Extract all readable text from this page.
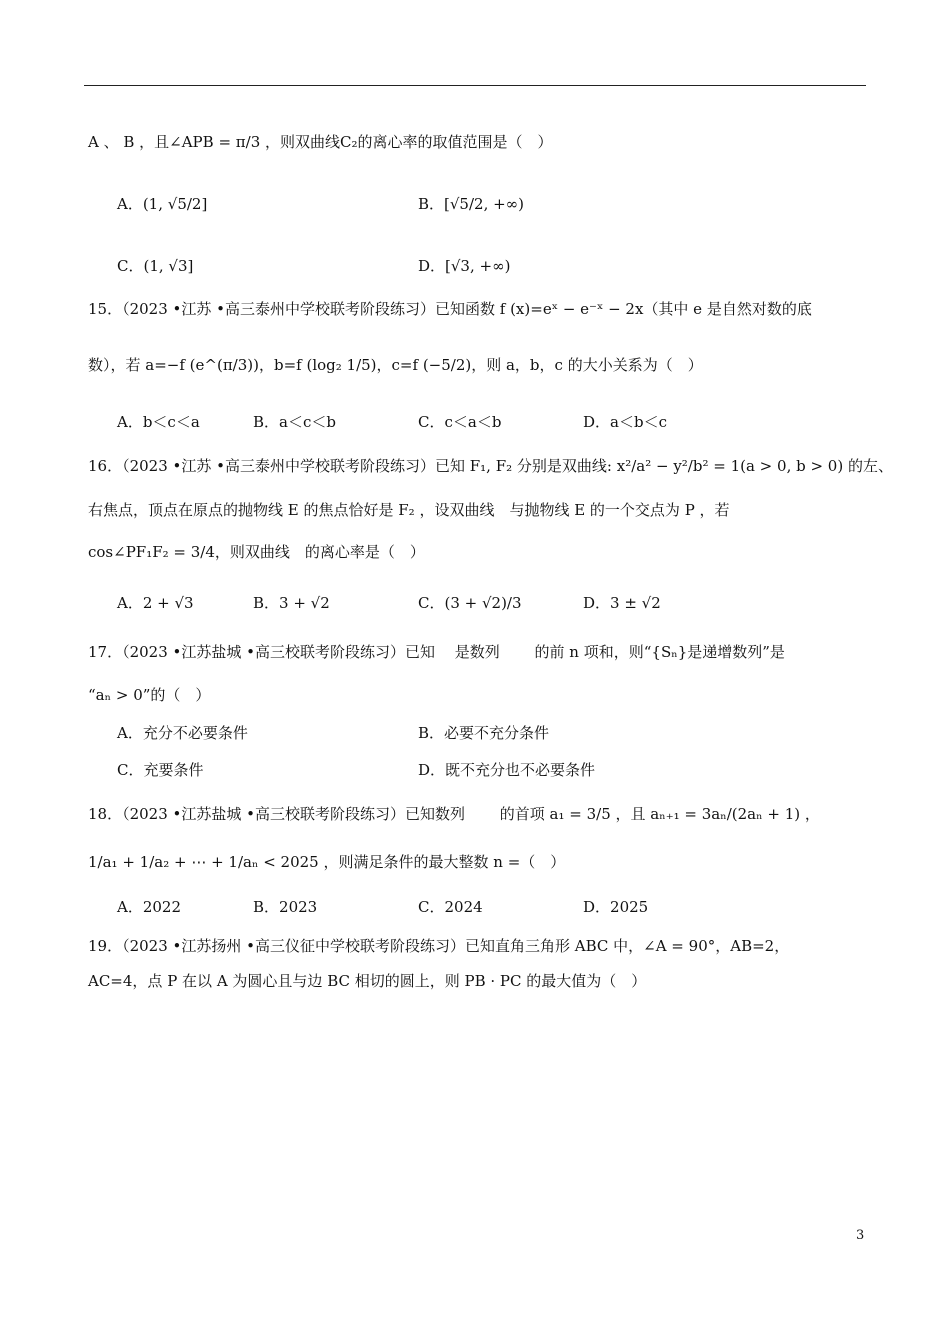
A 、 B ，且∠APB = π/3 ，则双曲线C₂的离心率的取值范围是（　）
A．(1, √5/2]	B．[√5/2, +∞)
C．(1, √3]	D．[√3, +∞)
15．（2023 •江苏 •高三泰州中学校联考阶段练习）已知函数 f (x)=eˣ − e⁻ˣ − 2x（其中 e 是自然对数的底
数），若 a=−f (e^(π/3))，b=f (log₂ 1/5)，c=f (−5/2)，则 a，b，c 的大小关系为（　）
A．b＜c＜a	B．a＜c＜b	C．c＜a＜b	D．a＜b＜c
16．（2023 •江苏 •高三泰州中学校联考阶段练习）已知 F₁, F₂ 分别是双曲线: x²/a² − y²/b² = 1(a > 0, b > 0) 的左、
右焦点，顶点在原点的抛物线 E 的焦点恰好是 F₂ ，设双曲线　与抛物线 E 的一个交点为 P ，若
cos∠PF₁F₂ = 3/4，则双曲线　的离心率是（　）
A．2 + √3	B．3 + √2	C．(3 + √2)/3	D．3 ± √2
17．（2023 •江苏盐城 •高三校联考阶段练习）已知　 是数列　　 的前 n 项和，则“{Sₙ}是递增数列”是
“aₙ > 0”的（　）
A．充分不必要条件	B．必要不充分条件
C．充要条件	D．既不充分也不必要条件
18．（2023 •江苏盐城 •高三校联考阶段练习）已知数列　　 的首项 a₁ = 3/5 ，且 aₙ₊₁ = 3aₙ/(2aₙ + 1) ，
1/a₁ + 1/a₂ + ⋯ + 1/aₙ < 2025 ，则满足条件的最大整数 n =（　）
A．2022	B．2023	C．2024	D．2025
19．（2023 •江苏扬州 •高三仪征中学校联考阶段练习）已知直角三角形 ABC 中，∠A = 90°，AB=2，
AC=4，点 P 在以 A 为圆心且与边 BC 相切的圆上，则 PB · PC 的最大值为（　）
3
